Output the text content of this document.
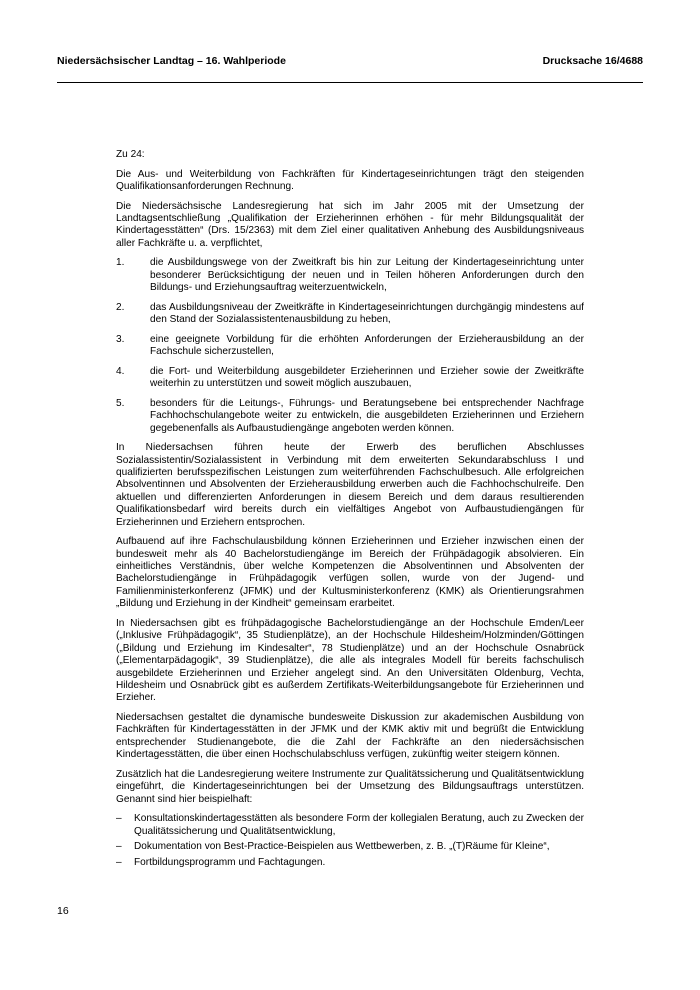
Niedersächsischer Landtag – 16. Wahlperiode	Drucksache 16/4688

Zu 24:

Die Aus- und Weiterbildung von Fachkräften für Kindertageseinrichtungen trägt den steigenden Qualifikationsanforderungen Rechnung.

Die Niedersächsische Landesregierung hat sich im Jahr 2005 mit der Umsetzung der Landtagsentschließung „Qualifikation der Erzieherinnen erhöhen - für mehr Bildungsqualität der Kindertagesstätten“ (Drs. 15/2363) mit dem Ziel einer qualitativen Anhebung des Ausbildungsniveaus aller Fachkräfte u. a. verpflichtet,

1.	die Ausbildungswege von der Zweitkraft bis hin zur Leitung der Kindertageseinrichtung unter besonderer Berücksichtigung der neuen und in Teilen höheren Anforderungen durch den Bildungs- und Erziehungsauftrag weiterzuentwickeln,
2.	das Ausbildungsniveau der Zweitkräfte in Kindertageseinrichtungen durchgängig mindestens auf den Stand der Sozialassistentenausbildung zu heben,
3.	eine geeignete Vorbildung für die erhöhten Anforderungen der Erzieherausbildung an der Fachschule sicherzustellen,
4.	die Fort- und Weiterbildung ausgebildeter Erzieherinnen und Erzieher sowie der Zweitkräfte weiterhin zu unterstützen und soweit möglich auszubauen,
5.	besonders für die Leitungs-, Führungs- und Beratungsebene bei entsprechender Nachfrage Fachhochschulangebote weiter zu entwickeln, die ausgebildeten Erzieherinnen und Erziehern gegebenenfalls als Aufbaustudiengänge angeboten werden können.

In Niedersachsen führen heute der Erwerb des beruflichen Abschlusses Sozialassistentin/Sozialassistent in Verbindung mit dem erweiterten Sekundarabschluss I und qualifizierten berufsspezifischen Leistungen zum weiterführenden Fachschulbesuch. Alle erfolgreichen Absolventinnen und Absolventen der Erzieherausbildung erwerben auch die Fachhochschulreife. Den aktuellen und differenzierten Anforderungen in diesem Bereich und dem daraus resultierenden Qualifikationsbedarf wird bereits durch ein vielfältiges Angebot von Aufbaustudiengängen für Erzieherinnen und Erziehern entsprochen.

Aufbauend auf ihre Fachschulausbildung können Erzieherinnen und Erzieher inzwischen einen der bundesweit mehr als 40 Bachelorstudiengänge im Bereich der Frühpädagogik absolvieren. Ein einheitliches Verständnis, über welche Kompetenzen die Absolventinnen und Absolventen der Bachelorstudiengänge in Frühpädagogik verfügen sollen, wurde von der Jugend- und Familienministerkonferenz (JFMK) und der Kultusministerkonferenz (KMK) als Orientierungsrahmen „Bildung und Erziehung in der Kindheit“ gemeinsam erarbeitet.

In Niedersachsen gibt es frühpädagogische Bachelorstudiengänge an der Hochschule Emden/Leer („Inklusive Frühpädagogik“, 35 Studienplätze), an der Hochschule Hildesheim/Holzminden/Göttingen („Bildung und Erziehung im Kindesalter“, 78 Studienplätze) und an der Hochschule Osnabrück („Elementarpädagogik“, 39 Studienplätze), die alle als integrales Modell für bereits fachschulisch ausgebildete Erzieherinnen und Erzieher angelegt sind. An den Universitäten Oldenburg, Vechta, Hildesheim und Osnabrück gibt es außerdem Zertifikats-Weiterbildungsangebote für Erzieherinnen und Erzieher.

Niedersachsen gestaltet die dynamische bundesweite Diskussion zur akademischen Ausbildung von Fachkräften für Kindertagesstätten in der JFMK und der KMK aktiv mit und begrüßt die Entwicklung entsprechender Studienangebote, die die Zahl der Fachkräfte an den niedersächsischen Kindertagesstätten, die über einen Hochschulabschluss verfügen, zukünftig weiter steigern können.

Zusätzlich hat die Landesregierung weitere Instrumente zur Qualitätssicherung und Qualitätsentwicklung eingeführt, die Kindertageseinrichtungen bei der Umsetzung des Bildungsauftrags unterstützen. Genannt sind hier beispielhaft:

– Konsultationskindertagesstätten als besondere Form der kollegialen Beratung, auch zu Zwecken der Qualitätssicherung und Qualitätsentwicklung,
– Dokumentation von Best-Practice-Beispielen aus Wettbewerben, z. B. „(T)Räume für Kleine“,
– Fortbildungsprogramm und Fachtagungen.
16
